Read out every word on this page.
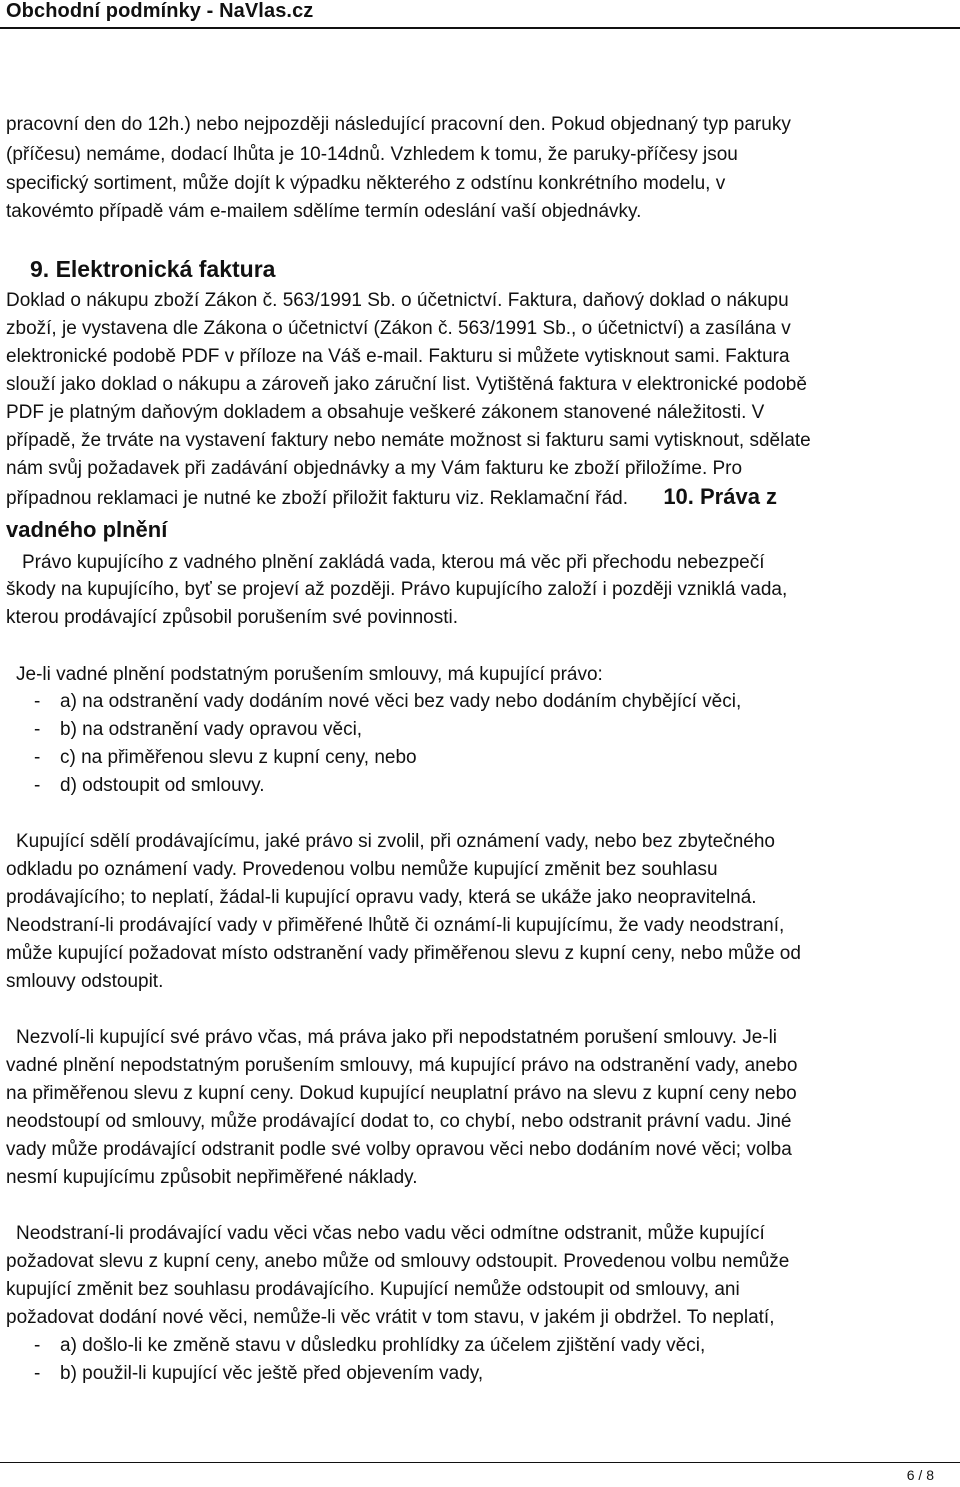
Obchodní podmínky - NaVlas.cz
pracovní den do 12h.) nebo nejpozději následující pracovní den. Pokud objednaný typ paruky
(příčesu) nemáme, dodací lhůta je 10-14dnů. Vzhledem k tomu, že paruky-příčesy jsou
specifický sortiment, může dojít k výpadku některého z odstínu konkrétního modelu, v
takovémto případě vám e-mailem sdělíme termín odeslání vaší objednávky.
9. Elektronická faktura
Doklad o nákupu zboží Zákon č. 563/1991 Sb. o účetnictví. Faktura, daňový doklad o nákupu
zboží, je vystavena dle Zákona o účetnictví (Zákon č. 563/1991 Sb., o účetnictví) a zasílána v
elektronické podobě PDF v příloze na Váš e-mail. Fakturu si můžete vytisknout sami. Faktura
slouží jako doklad o nákupu a zároveň jako záruční list. Vytištěná faktura v elektronické podobě
PDF je platným daňovým dokladem a obsahuje veškeré zákonem stanovené náležitosti. V
případě, že trváte na vystavení faktury nebo nemáte možnost si fakturu sami vytisknout, sdělate
nám svůj požadavek při zadávání objednávky a my Vám fakturu ke zboží přiložíme. Pro
případnou reklamaci je nutné ke zboží přiložit fakturu viz. Reklamační řád. 10. Práva z
vadného plnění
Právo kupujícího z vadného plnění zakládá vada, kterou má věc při přechodu nebezpečí
škody na kupujícího, byť se projeví až později. Právo kupujícího založí i později vzniklá vada,
kterou prodávající způsobil porušením své povinnosti.
Je-li vadné plnění podstatným porušením smlouvy, má kupující právo:
- a) na odstranění vady dodáním nové věci bez vady nebo dodáním chybějící věci,
- b) na odstranění vady opravou věci,
- c) na přiměřenou slevu z kupní ceny, nebo
- d) odstoupit od smlouvy.
Kupující sdělí prodávajícímu, jaké právo si zvolil, při oznámení vady, nebo bez zbytečného
odkladu po oznámení vady. Provedenou volbu nemůže kupující změnit bez souhlasu
prodávajícího; to neplatí, žádal-li kupující opravu vady, která se ukáže jako neopravitelná.
Neodstraní-li prodávající vady v přiměřené lhůtě či oznámí-li kupujícímu, že vady neodstraní,
může kupující požadovat místo odstranění vady přiměřenou slevu z kupní ceny, nebo může od
smlouvy odstoupit.
Nezvolí-li kupující své právo včas, má práva jako při nepodstatném porušení smlouvy. Je-li
vadné plnění nepodstatným porušením smlouvy, má kupující právo na odstranění vady, anebo
na přiměřenou slevu z kupní ceny. Dokud kupující neuplatní právo na slevu z kupní ceny nebo
neodstoupí od smlouvy, může prodávající dodat to, co chybí, nebo odstranit právní vadu. Jiné
vady může prodávající odstranit podle své volby opravou věci nebo dodáním nové věci; volba
nesmí kupujícímu způsobit nepřiměřené náklady.
Neodstraní-li prodávající vadu věci včas nebo vadu věci odmítne odstranit, může kupující
požadovat slevu z kupní ceny, anebo může od smlouvy odstoupit. Provedenou volbu nemůže
kupující změnit bez souhlasu prodávajícího. Kupující nemůže odstoupit od smlouvy, ani
požadovat dodání nové věci, nemůže-li věc vrátit v tom stavu, v jakém ji obdržel. To neplatí,
- a) došlo-li ke změně stavu v důsledku prohlídky za účelem zjištění vady věci,
- b) použil-li kupující věc ještě před objevením vady,
6 / 8
